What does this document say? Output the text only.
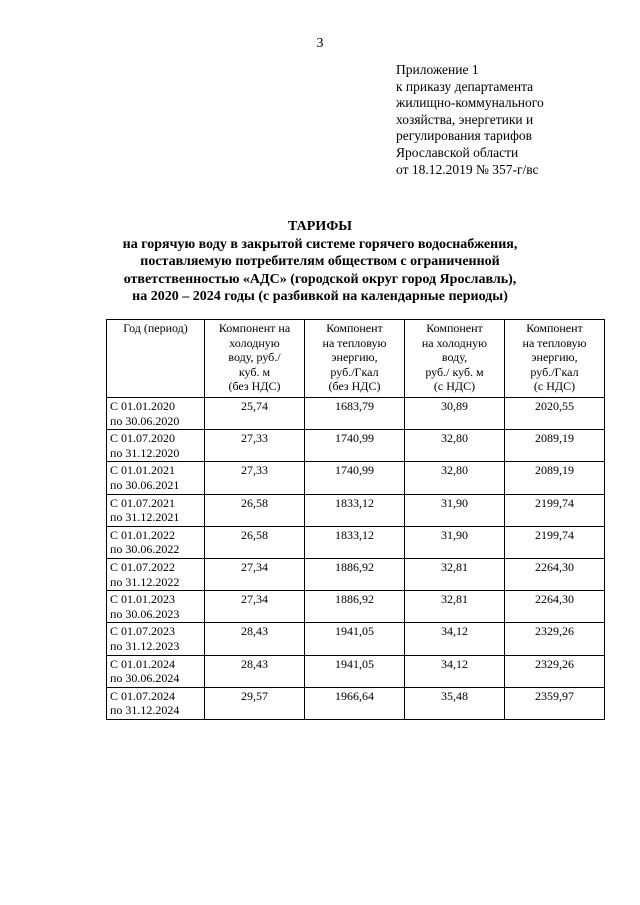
3
Приложение 1
к приказу департамента
жилищно-коммунального
хозяйства, энергетики и
регулирования тарифов
Ярославской области
от 18.12.2019 № 357-г/вс
ТАРИФЫ
на горячую воду в закрытой системе горячего водоснабжения,
поставляемую потребителям обществом с ограниченной
ответственностью «АДС» (городской округ город Ярославль),
на 2020 – 2024 годы (с разбивкой на календарные периоды)
Год (период)	Компонент на
холодную
воду, руб./
куб. м
(без НДС)	Компонент
на тепловую
энергию,
руб./Гкал
(без НДС)	Компонент
на холодную
воду,
руб./ куб. м
(с НДС)	Компонент
на тепловую
энергию,
руб./Гкал
(с НДС)

С 01.01.2020
по 30.06.2020	25,74	1683,79	30,89	2020,55

С 01.07.2020
по 31.12.2020	27,33	1740,99	32,80	2089,19

С 01.01.2021
по 30.06.2021	27,33	1740,99	32,80	2089,19

С 01.07.2021
по 31.12.2021	26,58	1833,12	31,90	2199,74

С 01.01.2022
по 30.06.2022	26,58	1833,12	31,90	2199,74

С 01.07.2022
по 31.12.2022	27,34	1886,92	32,81	2264,30

С 01.01.2023
по 30.06.2023	27,34	1886,92	32,81	2264,30

С 01.07.2023
по 31.12.2023	28,43	1941,05	34,12	2329,26

С 01.01.2024
по 30.06.2024	28,43	1941,05	34,12	2329,26

С 01.07.2024
по 31.12.2024	29,57	1966,64	35,48	2359,97
